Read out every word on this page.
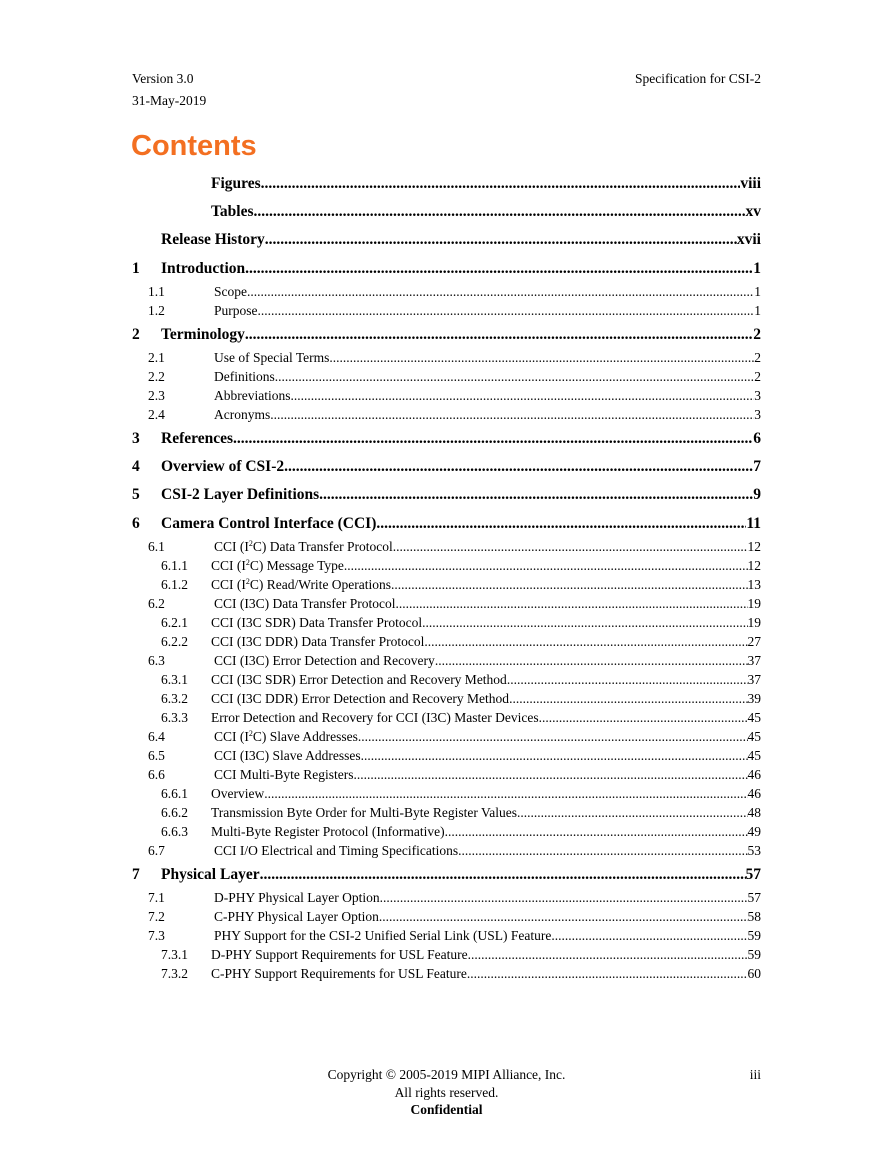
Version 3.0
31-May-2019
Specification for CSI-2
Contents
Figures .....	viii
Tables .....	xv
Release History .....	xvii
1	Introduction .....	1
1.1	Scope .....	1
1.2	Purpose .....	1
2	Terminology .....	2
2.1	Use of Special Terms .....	2
2.2	Definitions .....	2
2.3	Abbreviations .....	3
2.4	Acronyms .....	3
3	References .....	6
4	Overview of CSI-2 .....	7
5	CSI-2 Layer Definitions .....	9
6	Camera Control Interface (CCI) .....	11
6.1	CCI $(I^2C)$ Data Transfer Protocol .....	12
6.1.1	CCI $(I^2C)$ Message Type .....	12
6.1.2	CCI $(I^2C)$ Read/Write Operations .....	13
6.2	CCI (I3C) Data Transfer Protocol .....	19
6.2.1	CCI (I3C SDR) Data Transfer Protocol .....	19
6.2.2	CCI (I3C DDR) Data Transfer Protocol .....	27
6.3	CCI (I3C) Error Detection and Recovery .....	37
6.3.1	CCI (I3C SDR) Error Detection and Recovery Method .....	37
6.3.2	CCI (I3C DDR) Error Detection and Recovery Method .....	39
6.3.3	Error Detection and Recovery for CCI (I3C) Master Devices .....	45
6.4	CCI $(I^2C)$ Slave Addresses .....	45
6.5	CCI (I3C) Slave Addresses .....	45
6.6	CCI Multi-Byte Registers .....	46
6.6.1	Overview .....	46
6.6.2	Transmission Byte Order for Multi-Byte Register Values .....	48
6.6.3	Multi-Byte Register Protocol (Informative) .....	49
6.7	CCI I/O Electrical and Timing Specifications .....	53
7	Physical Layer .....	57
7.1	D-PHY Physical Layer Option .....	57
7.2	C-PHY Physical Layer Option .....	58
7.3	PHY Support for the CSI-2 Unified Serial Link (USL) Feature .....	59
7.3.1	D-PHY Support Requirements for USL Feature .....	59
7.3.2	C-PHY Support Requirements for USL Feature .....	60
Copyright © 2005-2019 MIPI Alliance, Inc.
All rights reserved.
Confidential
iii
